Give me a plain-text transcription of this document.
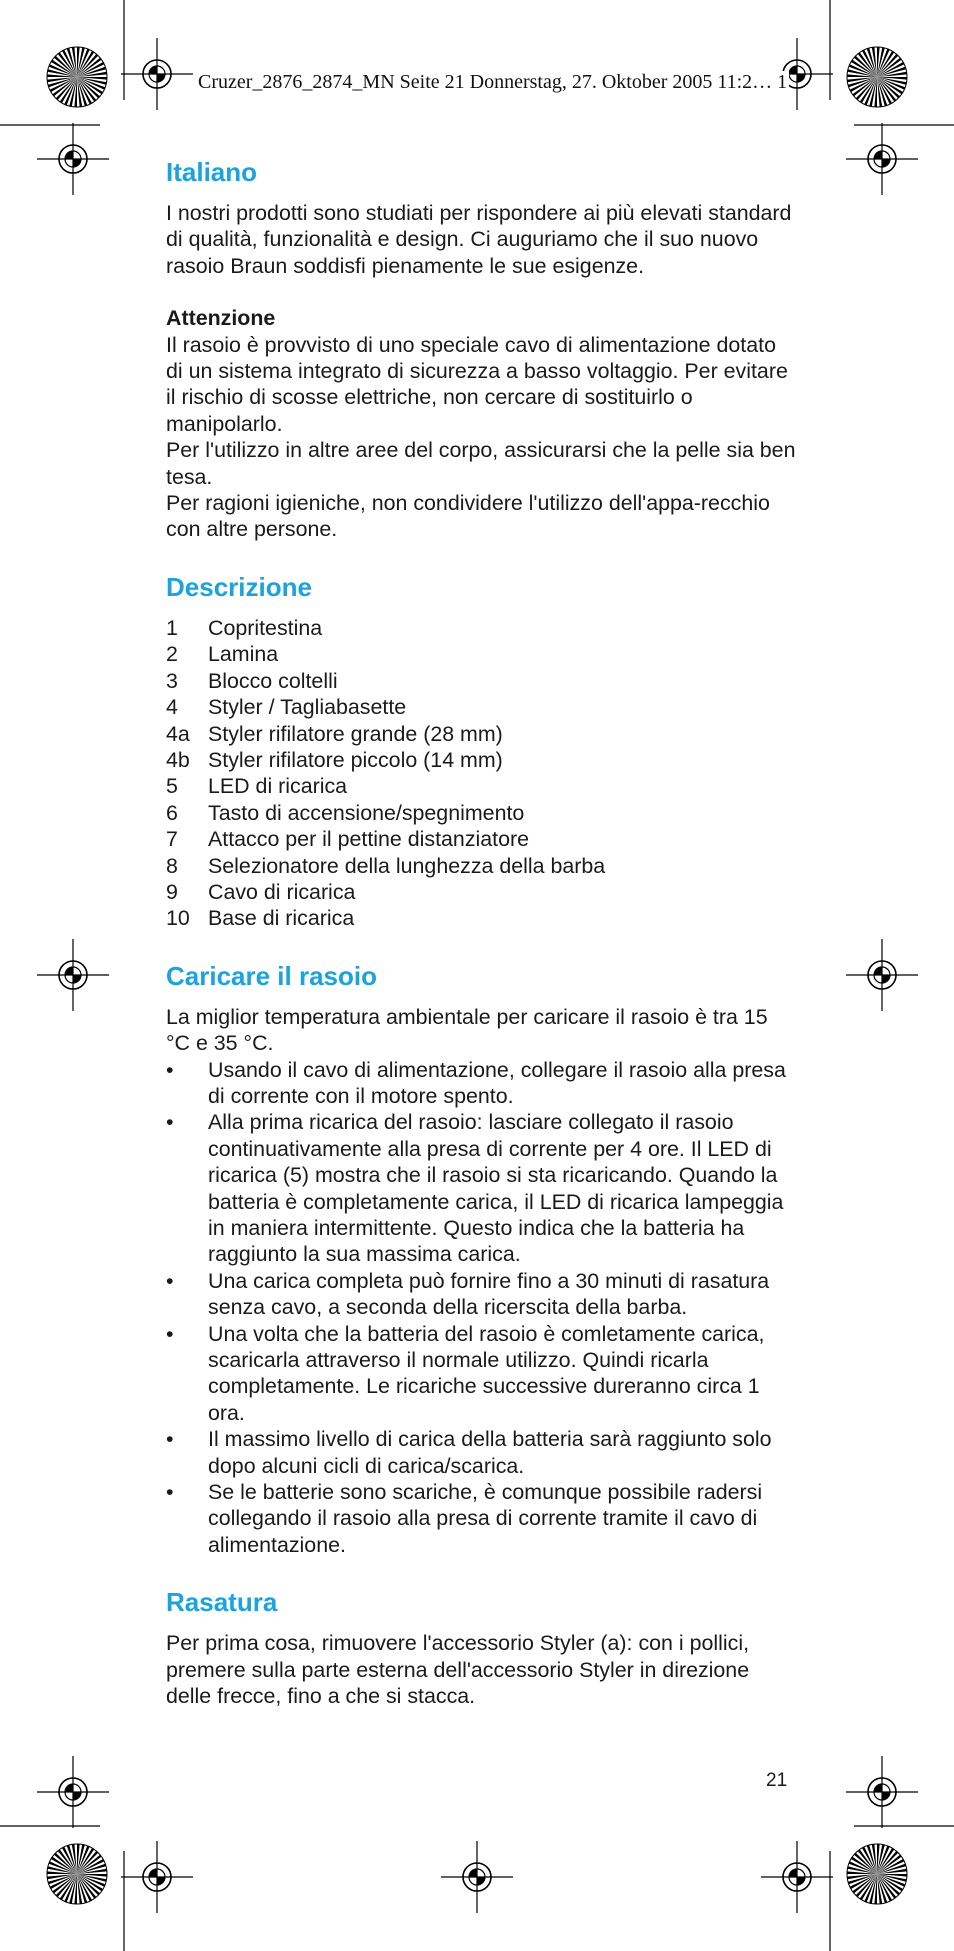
Cruzer_2876_2874_MN Seite 21 Donnerstag, 27. Oktober 2005 11:2… 1
Italiano

I nostri prodotti sono studiati per rispondere ai più elevati standard di qualità, funzionalità e design. Ci auguriamo che il suo nuovo rasoio Braun soddisfi pienamente le sue esigenze.

Attenzione

Il rasoio è provvisto di uno speciale cavo di alimentazione dotato di un sistema integrato di sicurezza a basso voltaggio. Per evitare il rischio di scosse elettriche, non cercare di sostituirlo o manipolarlo.

Per l'utilizzo in altre aree del corpo, assicurarsi che la pelle sia ben tesa.

Per ragioni igieniche, non condividere l'utilizzo dell'appa-recchio con altre persone.

Descrizione
1	Copritestina
2	Lamina
3	Blocco coltelli
4	Styler / Tagliabasette
4a Styler rifilatore grande (28 mm)
4b Styler rifilatore piccolo (14 mm)
5	LED di ricarica
6	Tasto di accensione/spegnimento
7	Attacco per il pettine distanziatore
8	Selezionatore della lunghezza della barba
9	Cavo di ricarica
10 Base di ricarica
Caricare il rasoio

La miglior temperatura ambientale per caricare il rasoio è tra 15 °C e 35 °C.

•	Usando il cavo di alimentazione, collegare il rasoio alla presa di corrente con il motore spento.
•	Alla prima ricarica del rasoio: lasciare collegato il rasoio continuativamente alla presa di corrente per 4 ore. Il LED di ricarica (5) mostra che il rasoio si sta ricaricando. Quando la batteria è completamente carica, il LED di ricarica lampeggia in maniera intermittente. Questo indica che la batteria ha raggiunto la sua massima carica.
•	Una carica completa può fornire fino a 30 minuti di rasatura senza cavo, a seconda della ricerscita della barba.
•	Una volta che la batteria del rasoio è comletamente carica, scaricarla attraverso il normale utilizzo. Quindi ricarla completamente. Le ricariche successive dureranno circa 1 ora.
•	Il massimo livello di carica della batteria sarà raggiunto solo dopo alcuni cicli di carica/scarica.
•	Se le batterie sono scariche, è comunque possibile radersi collegando il rasoio alla presa di corrente tramite il cavo di alimentazione.
Rasatura

Per prima cosa, rimuovere l'accessorio Styler (a): con i pollici, premere sulla parte esterna dell'accessorio Styler in direzione delle frecce, fino a che si stacca.

21
